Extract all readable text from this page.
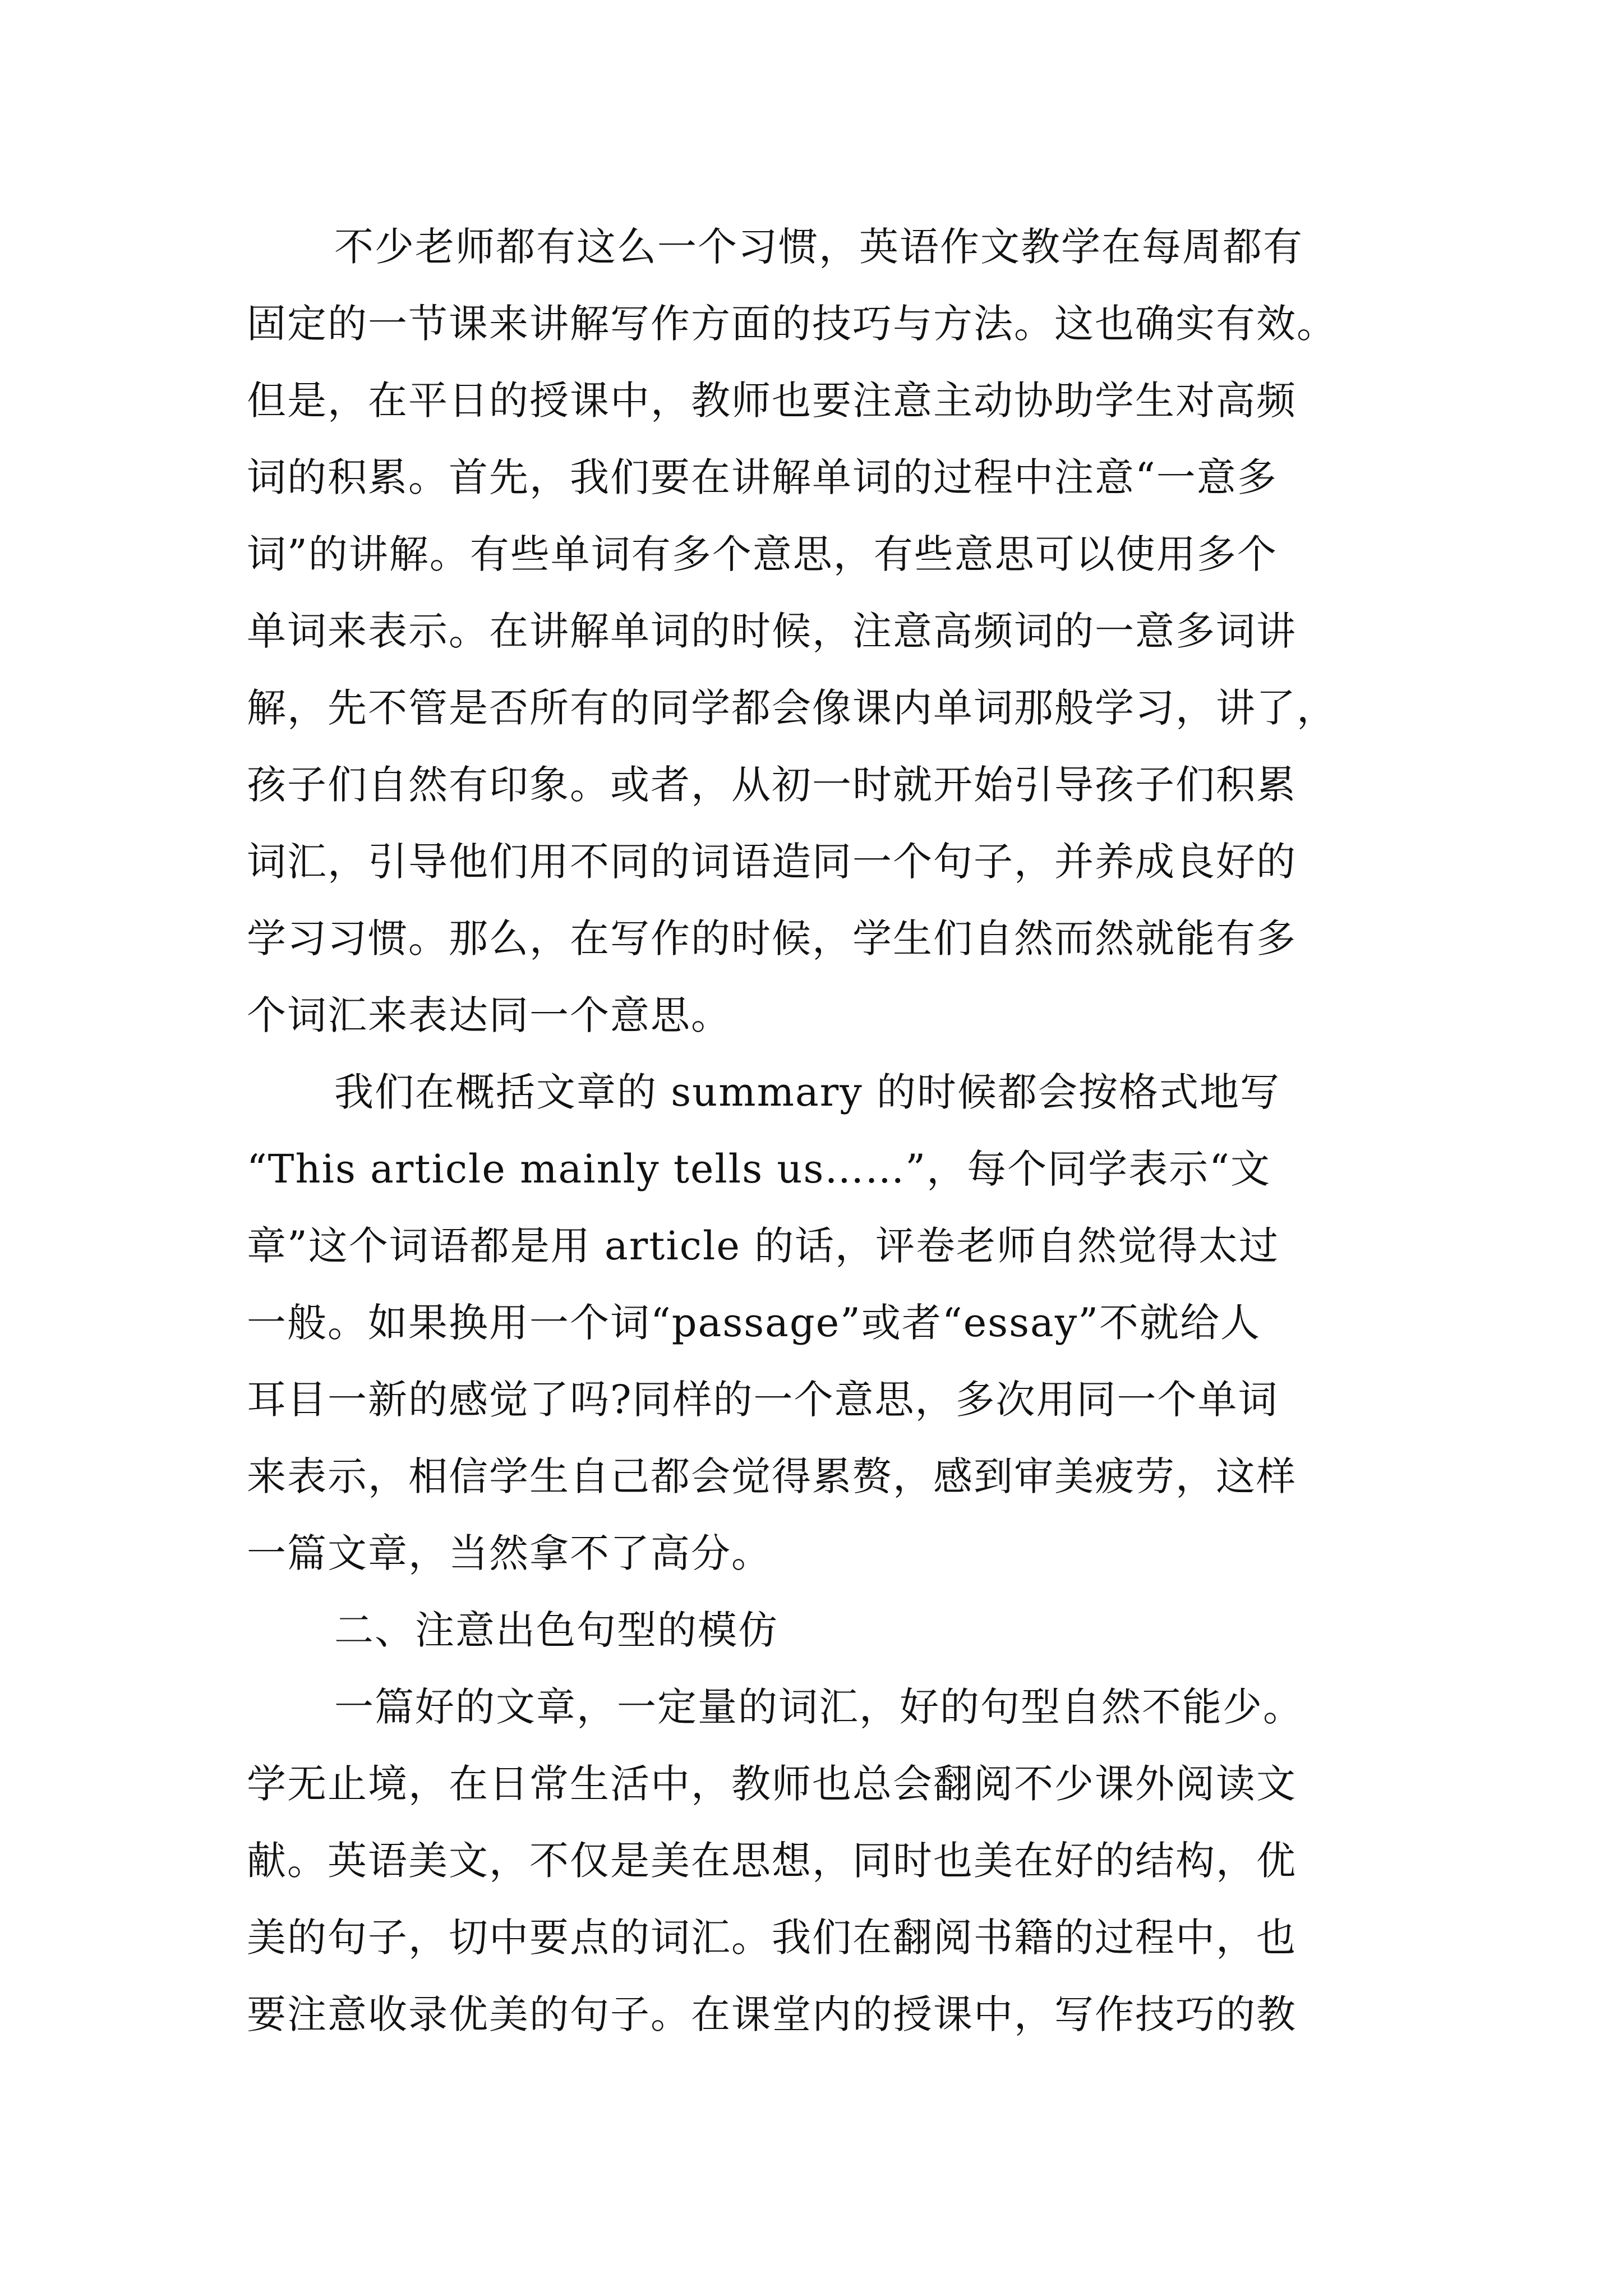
不少老师都有这么一个习惯，英语作文教学在每周都有
固定的一节课来讲解写作方面的技巧与方法。这也确实有效。
但是，在平日的授课中，教师也要注意主动协助学生对高频
词的积累。首先，我们要在讲解单词的过程中注意“一意多
词”的讲解。有些单词有多个意思，有些意思可以使用多个
单词来表示。在讲解单词的时候，注意高频词的一意多词讲
解，先不管是否所有的同学都会像课内单词那般学习，讲了，
孩子们自然有印象。或者，从初一时就开始引导孩子们积累
词汇，引导他们用不同的词语造同一个句子，并养成良好的
学习习惯。那么，在写作的时候，学生们自然而然就能有多
个词汇来表达同一个意思。
我们在概括文章的 summary 的时候都会按格式地写
“This article mainly tells us……”，每个同学表示“文
章”这个词语都是用 article 的话，评卷老师自然觉得太过
一般。如果换用一个词“passage”或者“essay”不就给人
耳目一新的感觉了吗?同样的一个意思，多次用同一个单词
来表示，相信学生自己都会觉得累赘，感到审美疲劳，这样
一篇文章，当然拿不了高分。
二、注意出色句型的模仿
一篇好的文章，一定量的词汇，好的句型自然不能少。
学无止境，在日常生活中，教师也总会翻阅不少课外阅读文
献。英语美文，不仅是美在思想，同时也美在好的结构，优
美的句子，切中要点的词汇。我们在翻阅书籍的过程中，也
要注意收录优美的句子。在课堂内的授课中，写作技巧的教
